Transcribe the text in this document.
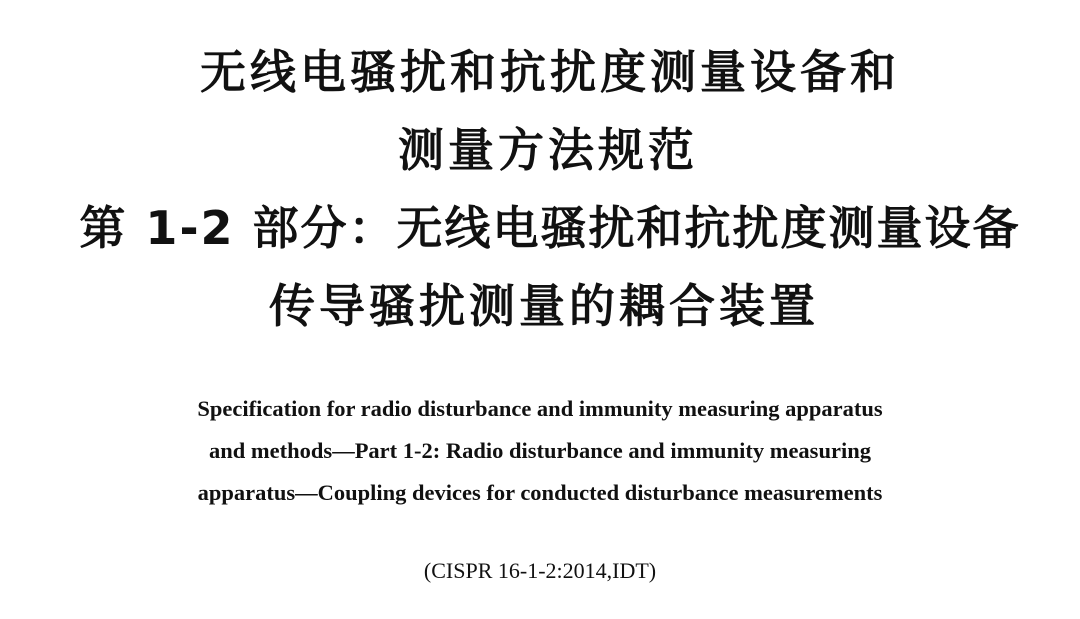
无线电骚扰和抗扰度测量设备和
测量方法规范
第 1-2 部分：无线电骚扰和抗扰度测量设备
传导骚扰测量的耦合装置
Specification for radio disturbance and immunity measuring apparatus
and methods—Part 1-2: Radio disturbance and immunity measuring
apparatus—Coupling devices for conducted disturbance measurements
(CISPR 16-1-2:2014,IDT)
